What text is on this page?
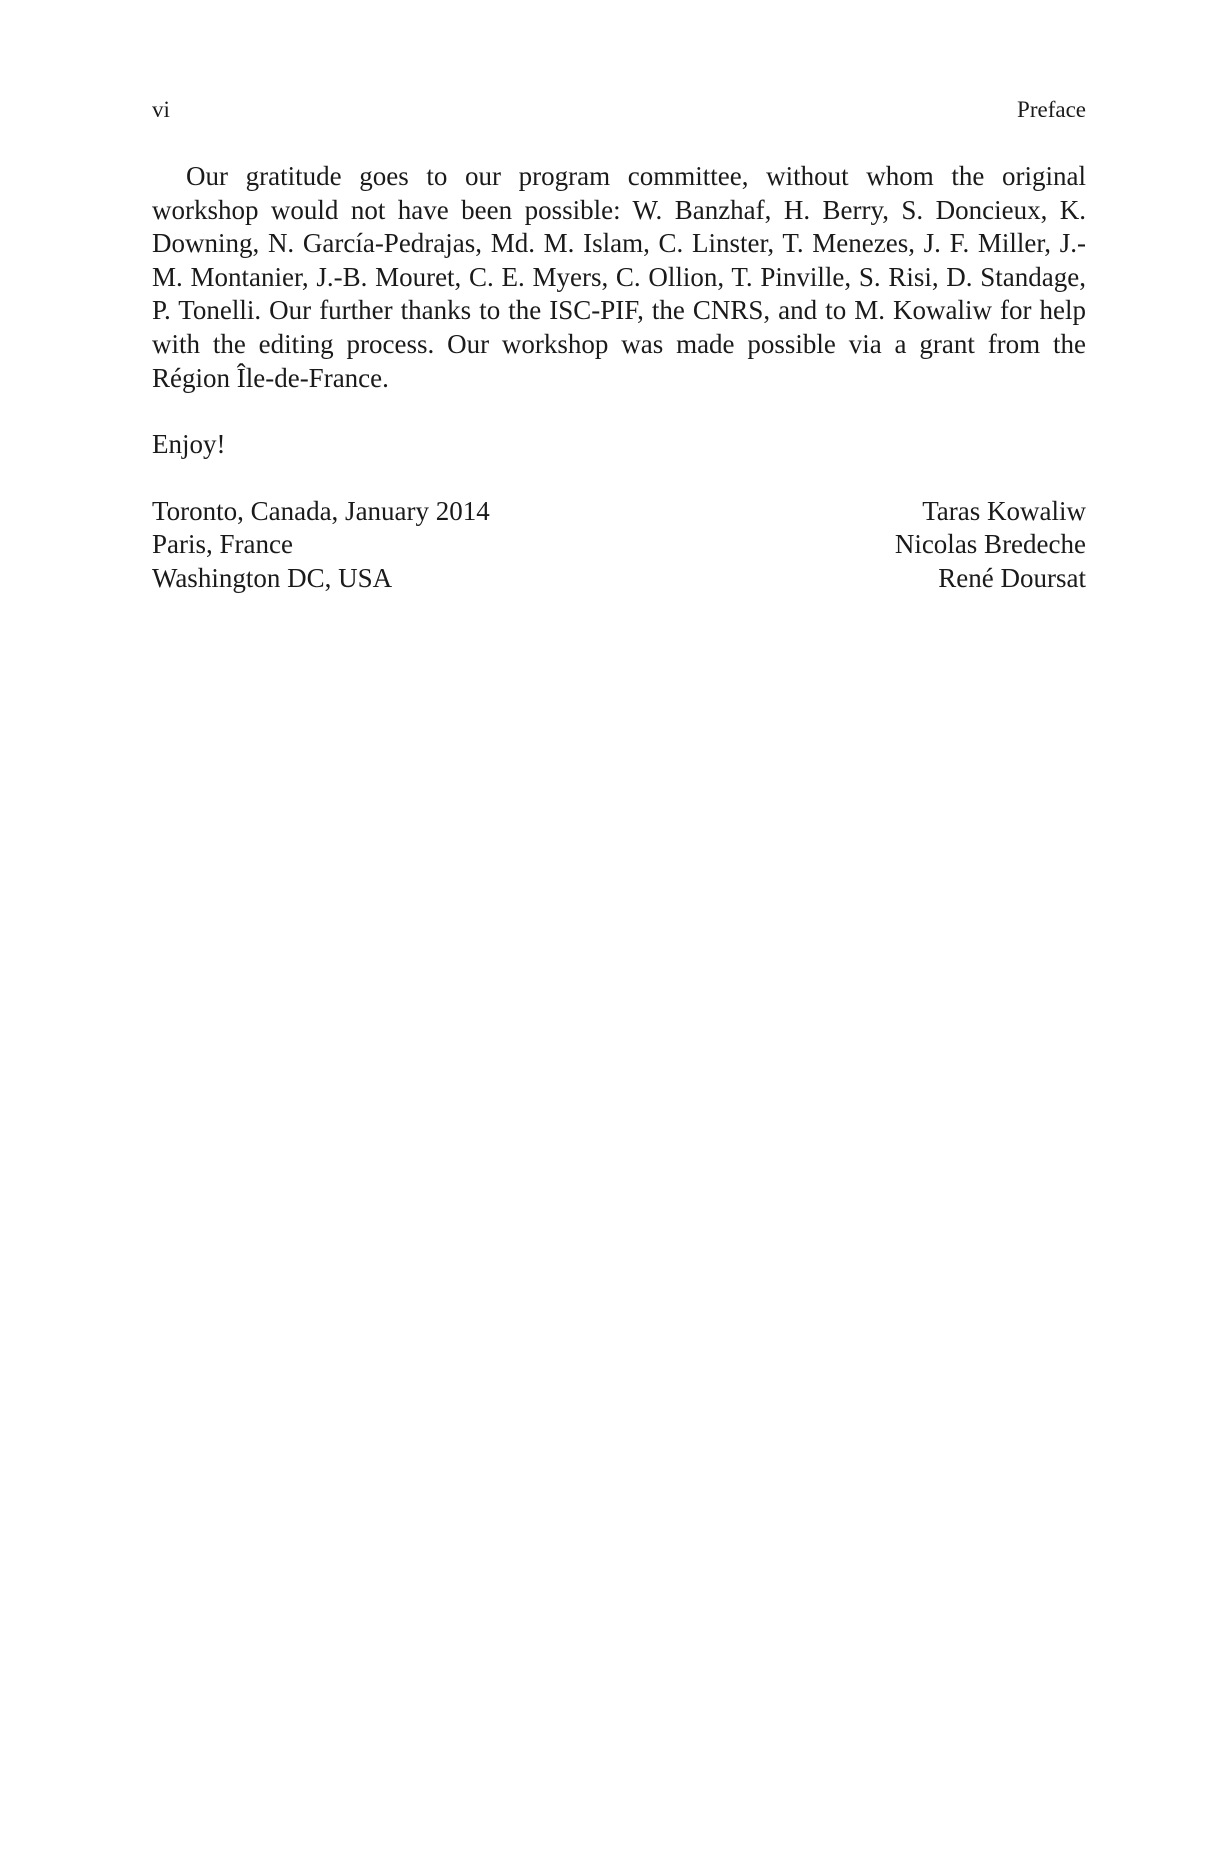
vi	Preface

Our gratitude goes to our program committee, without whom the original workshop would not have been possible: W. Banzhaf, H. Berry, S. Doncieux, K. Downing, N. García-Pedrajas, Md. M. Islam, C. Linster, T. Menezes, J. F. Miller, J.-M. Montanier, J.-B. Mouret, C. E. Myers, C. Ollion, T. Pinville, S. Risi, D. Standage, P. Tonelli. Our further thanks to the ISC-PIF, the CNRS, and to M. Kowaliw for help with the editing process. Our workshop was made possible via a grant from the Région Île-de-France.

Enjoy!

Toronto, Canada, January 2014
Paris, France
Washington DC, USA
Taras Kowaliw
Nicolas Bredeche
René Doursat
